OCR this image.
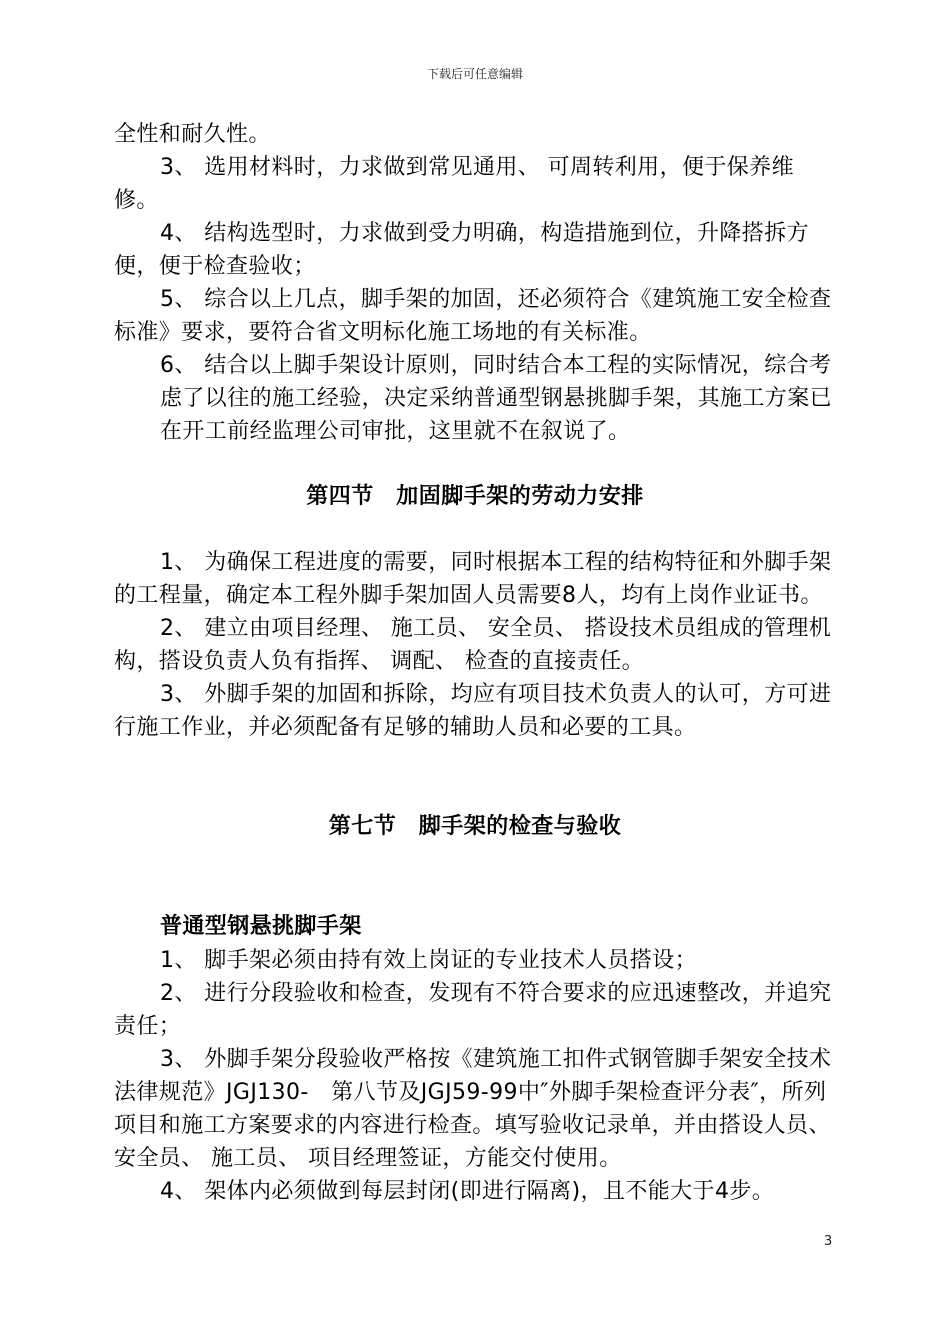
下载后可任意编辑

全性和耐久性。

3、 选用材料时，力求做到常见通用、 可周转利用，便于保养维修。

4、 结构选型时，力求做到受力明确，构造措施到位，升降搭拆方便，便于检查验收；

5、 综合以上几点，脚手架的加固，还必须符合《建筑施工安全检查标准》要求，要符合省文明标化施工场地的有关标准。

6、 结合以上脚手架设计原则，同时结合本工程的实际情况，综合考虑了以往的施工经验，决定采纳普通型钢悬挑脚手架，其施工方案已在开工前经监理公司审批，这里就不在叙说了。

第四节　加固脚手架的劳动力安排

1、 为确保工程进度的需要，同时根据本工程的结构特征和外脚手架的工程量，确定本工程外脚手架加固人员需要8人，均有上岗作业证书。

2、 建立由项目经理、 施工员、 安全员、 搭设技术员组成的管理机构，搭设负责人负有指挥、 调配、 检查的直接责任。

3、 外脚手架的加固和拆除，均应有项目技术负责人的认可，方可进行施工作业，并必须配备有足够的辅助人员和必要的工具。

第七节　脚手架的检查与验收
普通型钢悬挑脚手架

1、 脚手架必须由持有效上岗证的专业技术人员搭设；

2、 进行分段验收和检查，发现有不符合要求的应迅速整改，并追究责任；

3、 外脚手架分段验收严格按《建筑施工扣件式钢管脚手架安全技术法律规范》JGJ130-　第八节及JGJ59-99中″外脚手架检查评分表″，所列项目和施工方案要求的内容进行检查。填写验收记录单，并由搭设人员、 安全员、 施工员、 项目经理签证，方能交付使用。

4、 架体内必须做到每层封闭(即进行隔离)，且不能大于4步。

3
